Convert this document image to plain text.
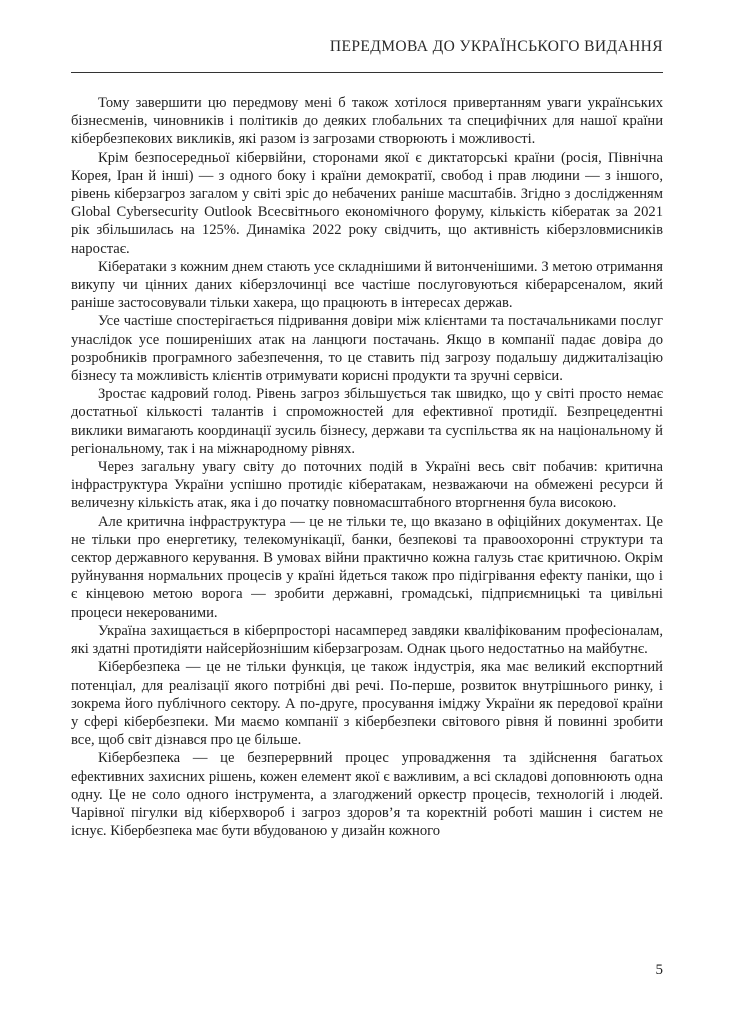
ПЕРЕДМОВА ДО УКРАЇНСЬКОГО ВИДАННЯ

Тому завершити цю передмову мені б також хотілося привертанням уваги українських бізнесменів, чиновників і політиків до деяких глобальних та специфічних для нашої країни кібербезпекових викликів, які разом із загрозами створюють і можливості.

Крім безпосередньої кібервійни, сторонами якої є диктаторські країни (росія, Північна Корея, Іран й інші) — з одного боку і країни демократії, свобод і прав людини — з іншого, рівень кіберзагроз загалом у світі зріс до небачених раніше масштабів. Згідно з дослідженням Global Cybersecurity Outlook Всесвітнього економічного форуму, кількість кібератак за 2021 рік збільшилась на 125%. Динаміка 2022 року свідчить, що активність кіберзловмисників наростає.

Кібератаки з кожним днем стають усе складнішими й витонченішими. З метою отримання викупу чи цінних даних кіберзлочинці все частіше послуговуються кіберарсеналом, який раніше застосовували тільки хакера, що працюють в інтересах держав.

Усе частіше спостерігається підривання довіри між клієнтами та постачальниками послуг унаслідок усе поширеніших атак на ланцюги постачань. Якщо в компанії падає довіра до розробників програмного забезпечення, то це ставить під загрозу подальшу диджиталізацію бізнесу та можливість клієнтів отримувати корисні продукти та зручні сервіси.

Зростає кадровий голод. Рівень загроз збільшується так швидко, що у світі просто немає достатньої кількості талантів і спроможностей для ефективної протидії. Безпрецедентні виклики вимагають координації зусиль бізнесу, держави та суспільства як на національному й регіональному, так і на міжнародному рівнях.

Через загальну увагу світу до поточних подій в Україні весь світ побачив: критична інфраструктура України успішно протидіє кібератакам, незважаючи на обмежені ресурси й величезну кількість атак, яка і до початку повномасштабного вторгнення була високою.

Але критична інфраструктура — це не тільки те, що вказано в офіційних документах. Це не тільки про енергетику, телекомунікації, банки, безпекові та правоохоронні структури та сектор державного керування. В умовах війни практично кожна галузь стає критичною. Окрім руйнування нормальних процесів у країні йдеться також про підігрівання ефекту паніки, що і є кінцевою метою ворога — зробити державні, громадські, підприємницькі та цивільні процеси некерованими.

Україна захищається в кіберпросторі насамперед завдяки кваліфікованим професіоналам, які здатні протидіяти найсерйознішим кіберзагрозам. Однак цього недостатньо на майбутнє.

Кібербезпека — це не тільки функція, це також індустрія, яка має великий експортний потенціал, для реалізації якого потрібні дві речі. По-перше, розвиток внутрішнього ринку, і зокрема його публічного сектору. А по-друге, просування іміджу України як передової країни у сфері кібербезпеки. Ми маємо компанії з кібербезпеки світового рівня й повинні зробити все, щоб світ дізнався про це більше.

Кібербезпека — це безперервний процес упровадження та здійснення багатьох ефективних захисних рішень, кожен елемент якої є важливим, а всі складові доповнюють одна одну. Це не соло одного інструмента, а злагоджений оркестр процесів, технологій і людей. Чарівної пігулки від кіберхвороб і загроз здоров’я та коректній роботі машин і систем не існує. Кібербезпека має бути вбудованою у дизайн кожного

5
